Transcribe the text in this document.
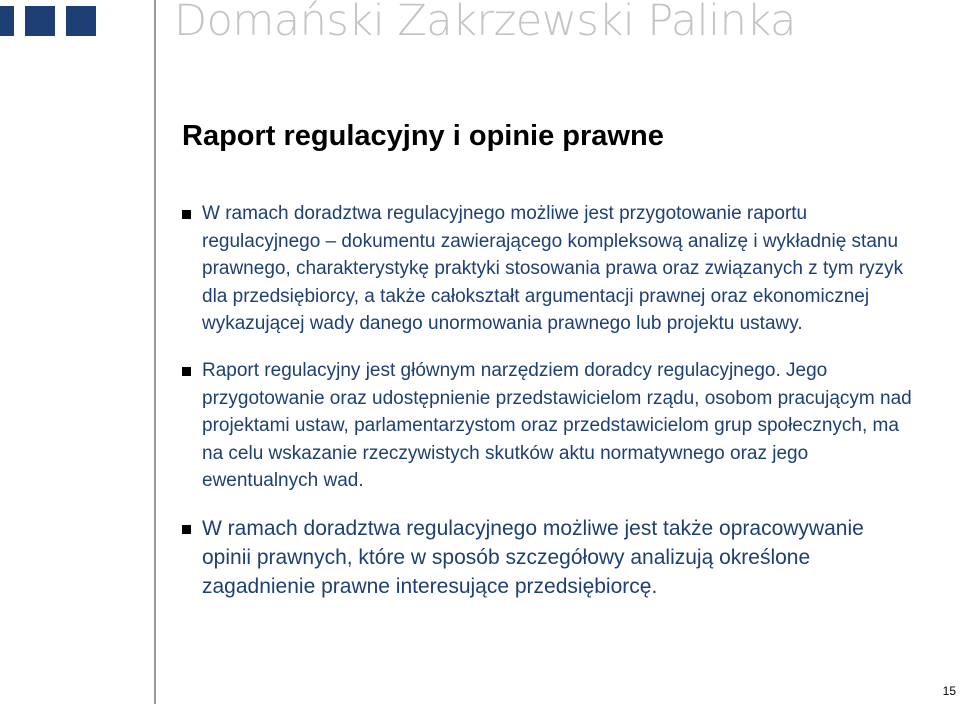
Domański Zakrzewski Palinka
Raport regulacyjny i opinie prawne
W ramach doradztwa regulacyjnego możliwe jest przygotowanie raportu regulacyjnego – dokumentu zawierającego kompleksową analizę i wykładnię stanu prawnego, charakterystykę praktyki stosowania prawa oraz związanych z tym ryzyk dla przedsiębiorcy, a także całokształt argumentacji prawnej oraz ekonomicznej wykazującej wady danego unormowania prawnego lub projektu ustawy.
Raport regulacyjny jest głównym narzędziem doradcy regulacyjnego. Jego przygotowanie oraz udostępnienie przedstawicielom rządu, osobom pracującym nad projektami ustaw, parlamentarzystom oraz przedstawicielom grup społecznych, ma na celu wskazanie rzeczywistych skutków aktu normatywnego oraz jego ewentualnych wad.
W ramach doradztwa regulacyjnego możliwe jest także opracowywanie opinii prawnych, które w sposób szczegółowy analizują określone zagadnienie prawne interesujące przedsiębiorcę.
15
